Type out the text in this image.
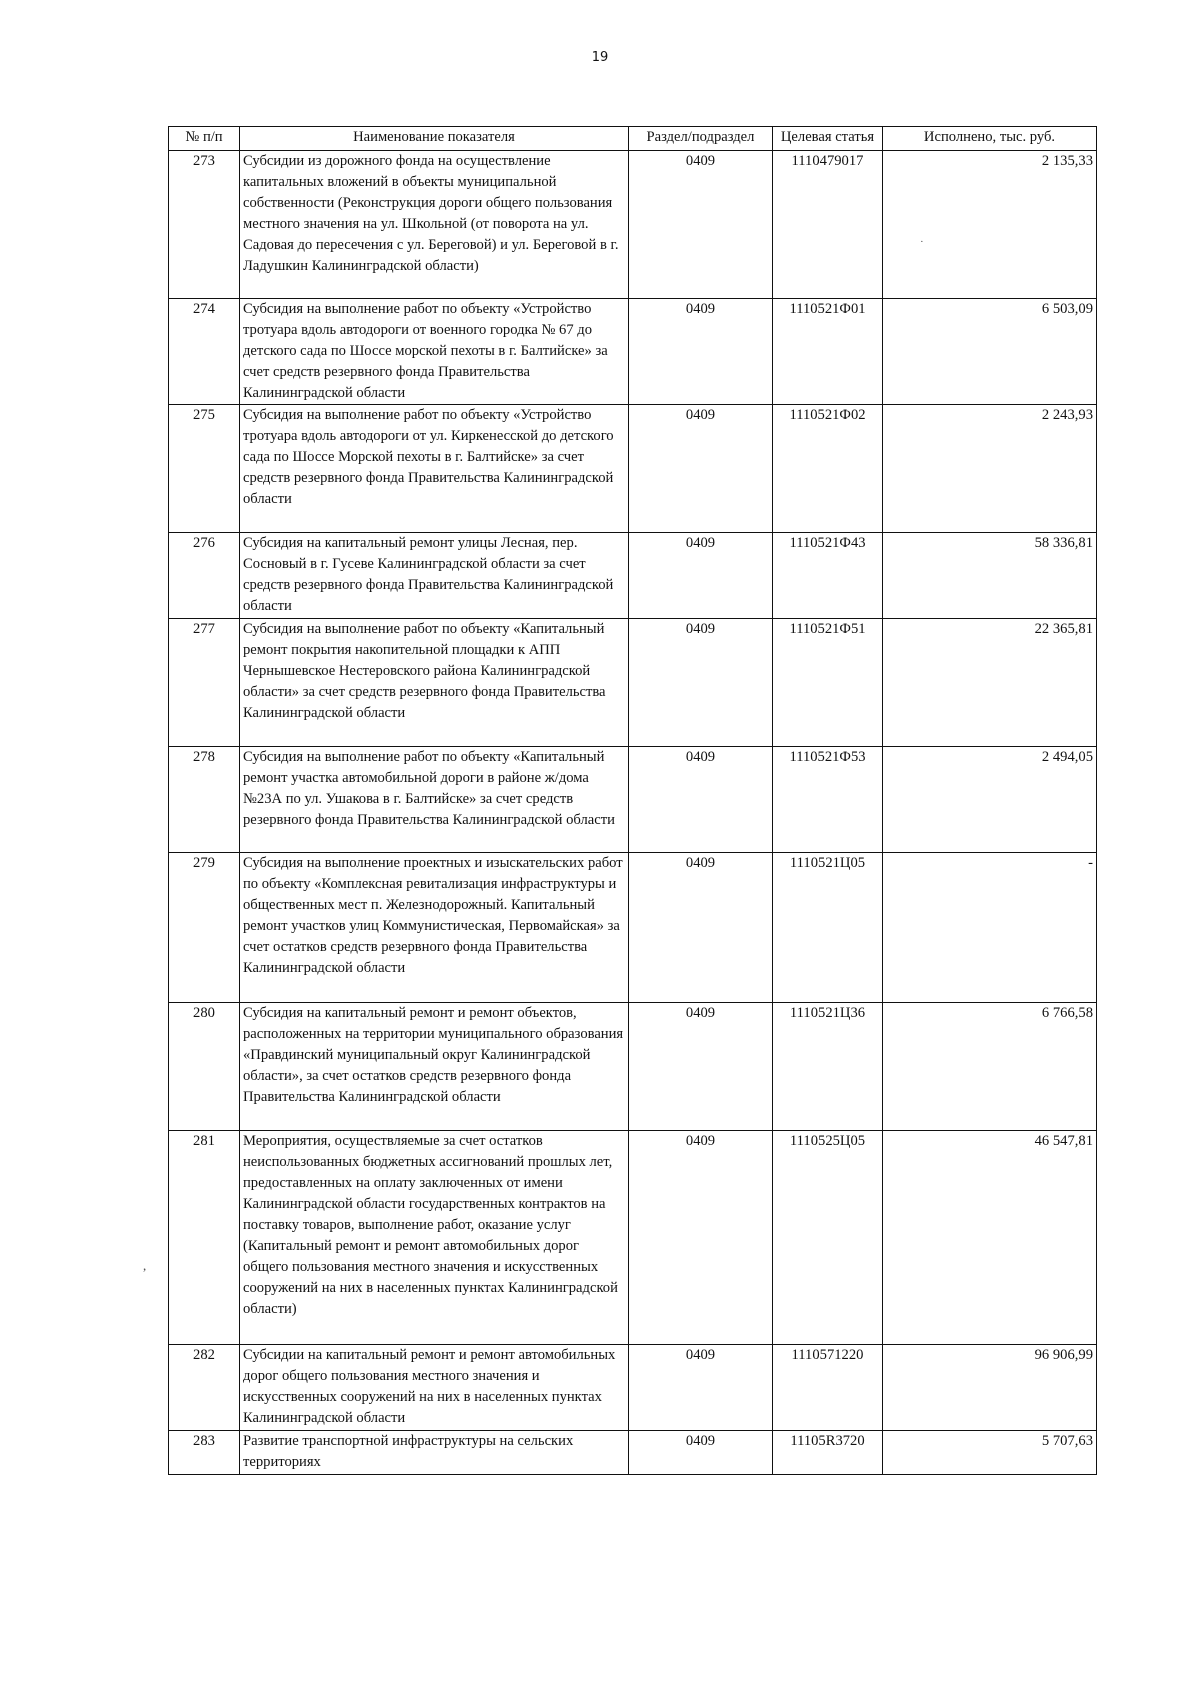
19
№ п/п	Наименование показателя	Раздел/подраздел	Целевая статья	Исполнено, тыс. руб.
273	Субсидии из дорожного фонда на осуществление капитальных вложений в объекты муниципальной собственности (Реконструкция дороги общего пользования местного значения на ул. Школьной (от поворота на ул. Садовая до пересечения с ул. Береговой) и ул. Береговой в г. Ладушкин Калининградской области)	0409	1110479017	2 135,33
274	Субсидия на выполнение работ по объекту «Устройство тротуара вдоль автодороги от военного городка № 67 до детского сада по Шоссе морской пехоты в г. Балтийске» за счет средств резервного фонда Правительства Калининградской области	0409	1110521Ф01	6 503,09
275	Субсидия на выполнение работ по объекту «Устройство тротуара вдоль автодороги от ул. Киркенесской до детского сада по Шоссе Морской пехоты в г. Балтийске» за счет средств резервного фонда Правительства Калининградской области	0409	1110521Ф02	2 243,93
276	Субсидия на капитальный ремонт улицы Лесная, пер. Сосновый в г. Гусеве Калининградской области за счет средств резервного фонда Правительства Калининградской области	0409	1110521Ф43	58 336,81
277	Субсидия на выполнение работ по объекту «Капитальный ремонт покрытия накопительной площадки к АПП Чернышевское Нестеровского района Калининградской области» за счет средств резервного фонда Правительства Калининградской области	0409	1110521Ф51	22 365,81
278	Субсидия на выполнение работ по объекту «Капитальный ремонт участка автомобильной дороги в районе ж/дома №23А по ул. Ушакова в г. Балтийске» за счет средств резервного фонда Правительства Калининградской области	0409	1110521Ф53	2 494,05
279	Субсидия на выполнение проектных и изыскательских работ по объекту «Комплексная ревитализация инфраструктуры и общественных мест п. Железнодорожный. Капитальный ремонт участков улиц Коммунистическая, Первомайская» за счет остатков средств резервного фонда Правительства Калининградской области	0409	1110521Ц05	-
280	Субсидия на капитальный ремонт и ремонт объектов, расположенных на территории муниципального образования «Правдинский муниципальный округ Калининградской области», за счет остатков средств резервного фонда Правительства Калининградской области	0409	1110521Ц36	6 766,58
281	Мероприятия, осуществляемые за счет остатков неиспользованных бюджетных ассигнований прошлых лет, предоставленных на оплату заключенных от имени Калининградской области государственных контрактов на поставку товаров, выполнение работ, оказание услуг (Капитальный ремонт и ремонт автомобильных дорог общего пользования местного значения и искусственных сооружений на них в населенных пунктах Калининградской области)	0409	1110525Ц05	46 547,81
282	Субсидии на капитальный ремонт и ремонт автомобильных дорог общего пользования местного значения и искусственных сооружений на них в населенных пунктах Калининградской области	0409	1110571220	96 906,99
283	Развитие транспортной инфраструктуры на сельских территориях	0409	11105R3720	5 707,63
·
,
